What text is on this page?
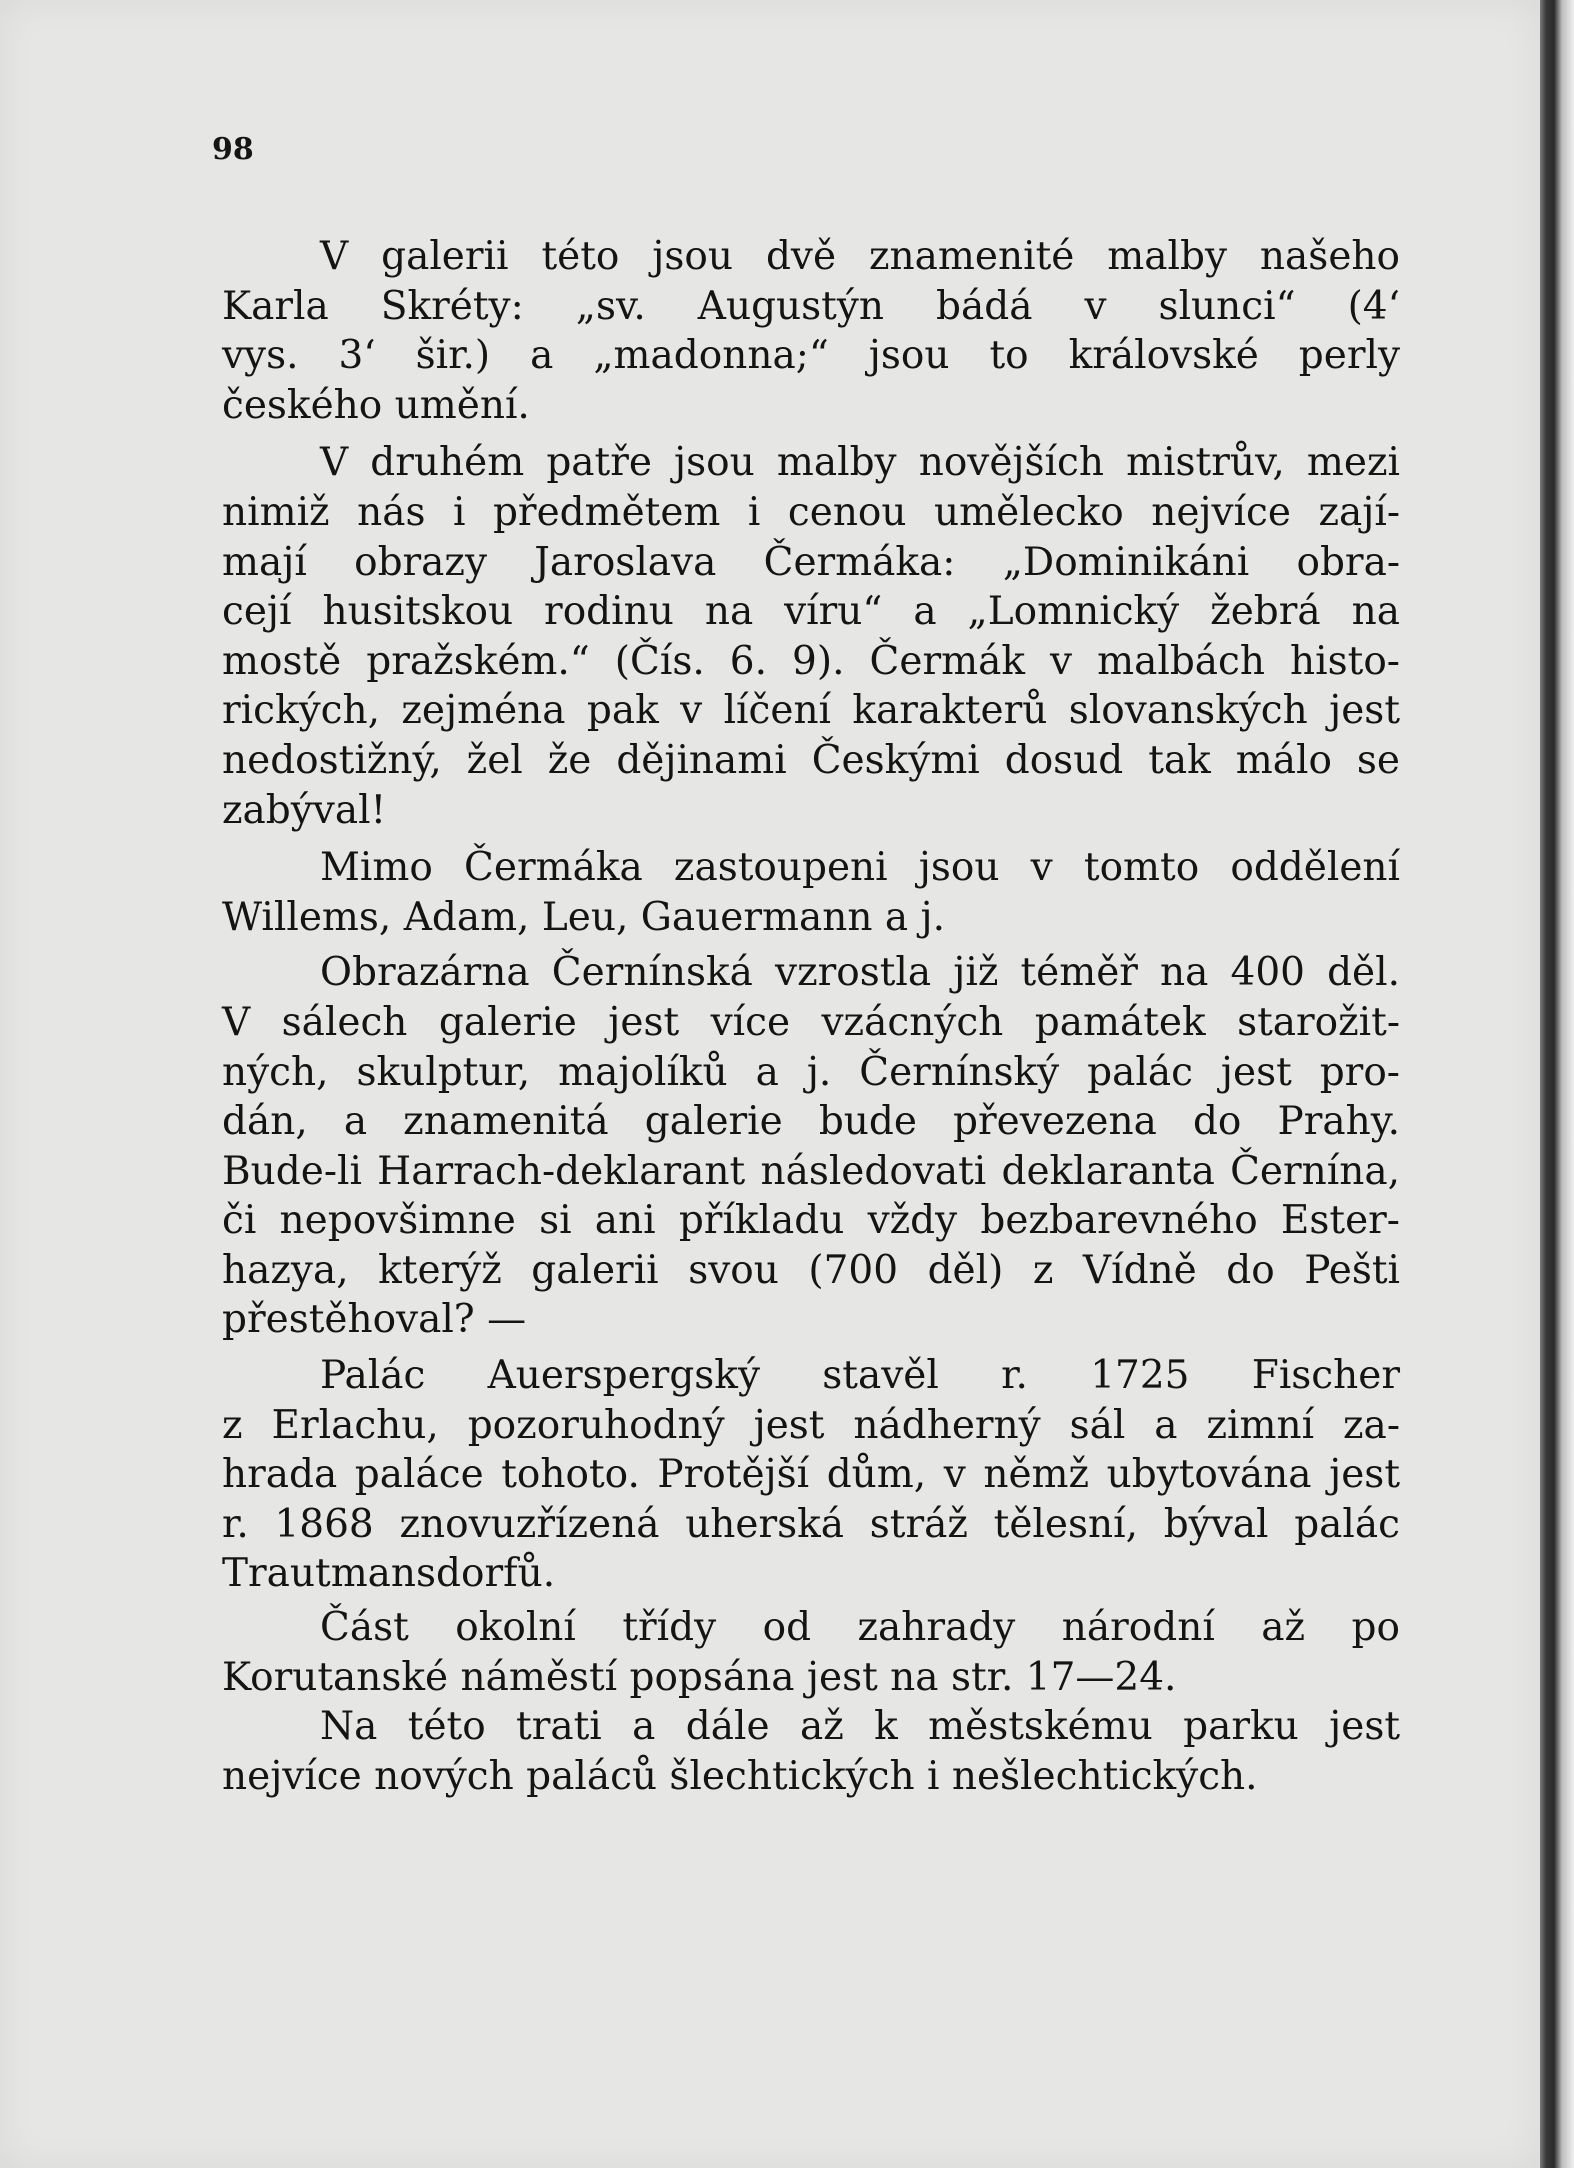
98
V galerii této jsou dvě znamenité malby našeho
Karla Skréty: „sv. Augustýn bádá v slunci“ (4‘
vys. 3‘ šir.) a „madonna;“ jsou to královské perly
českého umění.
V druhém patře jsou malby novějších mistrův, mezi
nimiž nás i předmětem i cenou umělecko nejvíce zají-
mají obrazy Jaroslava Čermáka: „Dominikáni obra-
cejí husitskou rodinu na víru“ a „Lomnický žebrá na
mostě pražském.“ (Čís. 6. 9). Čermák v malbách histo-
rických, zejména pak v líčení karakterů slovanských jest
nedostižný, žel že dějinami Českými dosud tak málo se
zabýval!
Mimo Čermáka zastoupeni jsou v tomto oddělení
Willems, Adam, Leu, Gauermann a j.
Obrazárna Černínská vzrostla již téměř na 400 děl.
V sálech galerie jest více vzácných památek starožit-
ných, skulptur, majolíků a j. Černínský palác jest pro-
dán, a znamenitá galerie bude převezena do Prahy.
Bude-li Harrach-deklarant následovati deklaranta Černína,
či nepovšimne si ani příkladu vždy bezbarevného Ester-
hazya, kterýž galerii svou (700 děl) z Vídně do Pešti
přestěhoval? —
Palác Auerspergský stavěl r. 1725 Fischer
z Erlachu, pozoruhodný jest nádherný sál a zimní za-
hrada paláce tohoto. Protější dům, v němž ubytována jest
r. 1868 znovuzřízená uherská stráž tělesní, býval palác
Trautmansdorfů.
Část okolní třídy od zahrady národní až po
Korutanské náměstí popsána jest na str. 17—24.
Na této trati a dále až k městskému parku jest
nejvíce nových paláců šlechtických i nešlechtických.
